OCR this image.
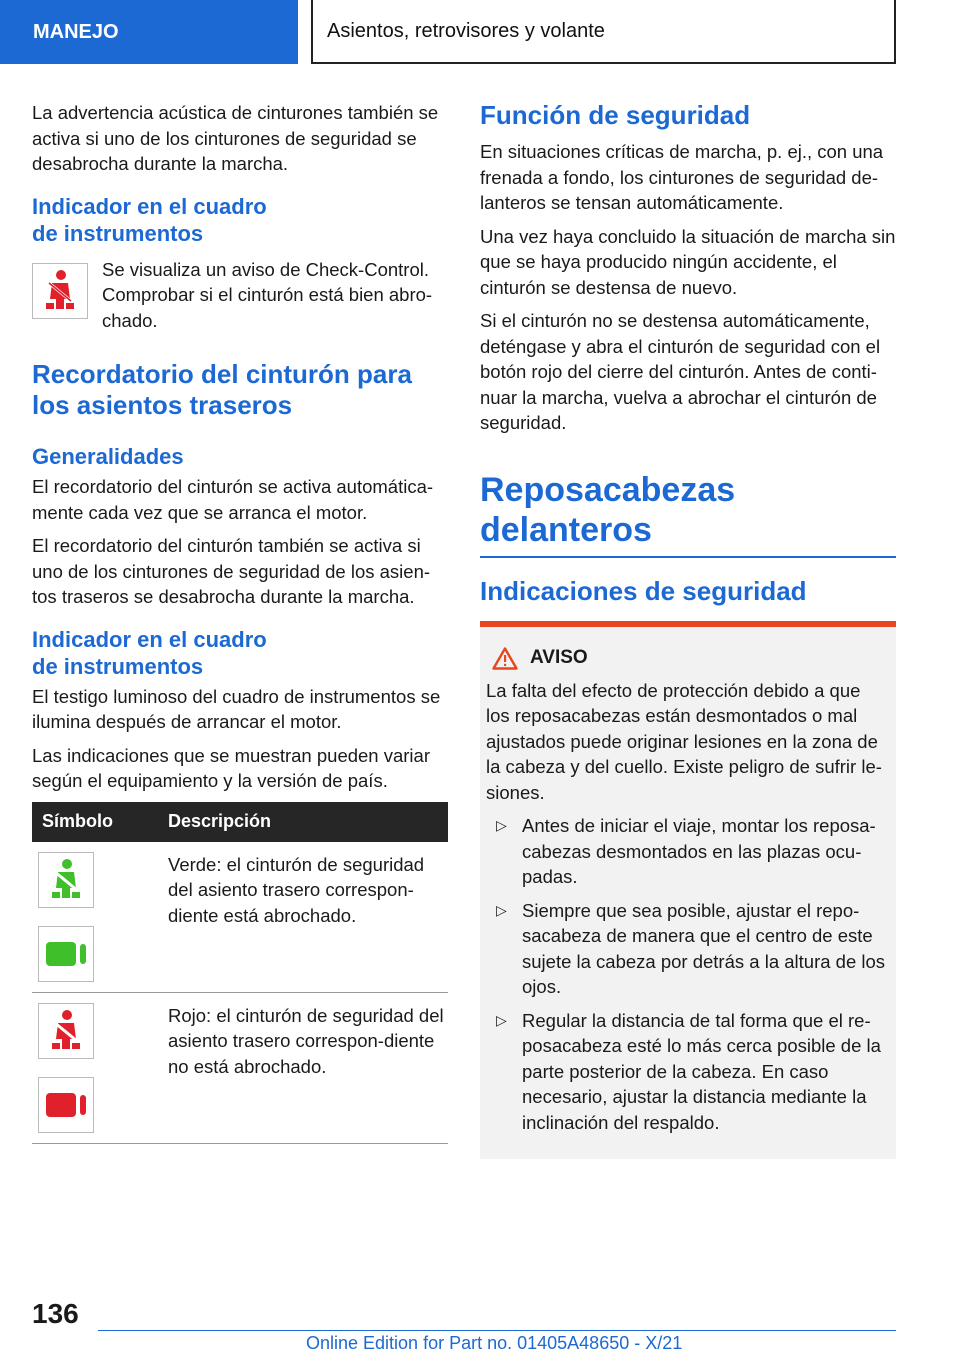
MANEJO	Asientos, retrovisores y volante

La advertencia acústica de cinturones también se activa si uno de los cinturones de seguridad se desabrocha durante la marcha.

Indicador en el cuadro
de instrumentos

Se visualiza un aviso de Check-Control. Comprobar si el cinturón está bien abro-chado.

Recordatorio del cinturón para los asientos traseros
Generalidades

El recordatorio del cinturón se activa automática-mente cada vez que se arranca el motor.

El recordatorio del cinturón también se activa si uno de los cinturones de seguridad de los asien-tos traseros se desabrocha durante la marcha.

Indicador en el cuadro
de instrumentos

El testigo luminoso del cuadro de instrumentos se ilumina después de arrancar el motor.

Las indicaciones que se muestran pueden variar según el equipamiento y la versión de país.

Símbolo	Descripción

	Verde: el cinturón de seguridad del asiento trasero correspon-diente está abrochado.

	Rojo: el cinturón de seguridad del asiento trasero correspon-diente no está abrochado.
Función de seguridad

En situaciones críticas de marcha, p. ej., con una frenada a fondo, los cinturones de seguridad de-lanteros se tensan automáticamente.

Una vez haya concluido la situación de marcha sin que se haya producido ningún accidente, el cinturón se destensa de nuevo.

Si el cinturón no se destensa automáticamente, deténgase y abra el cinturón de seguridad con el botón rojo del cierre del cinturón. Antes de conti-nuar la marcha, vuelva a abrochar el cinturón de seguridad.

Reposacabezas delanteros
Indicaciones de seguridad
AVISO

La falta del efecto de protección debido a que los reposacabezas están desmontados o mal ajustados puede originar lesiones en la zona de la cabeza y del cuello. Existe peligro de sufrir le-siones.

▷ Antes de iniciar el viaje, montar los reposa-cabezas desmontados en las plazas ocu-padas.
▷ Siempre que sea posible, ajustar el repo-sacabeza de manera que el centro de este sujete la cabeza por detrás a la altura de los ojos.
▷ Regular la distancia de tal forma que el re-posacabeza esté lo más cerca posible de la parte posterior de la cabeza. En caso necesario, ajustar la distancia mediante la inclinación del respaldo.
136
Online Edition for Part no. 01405A48650 - X/21
